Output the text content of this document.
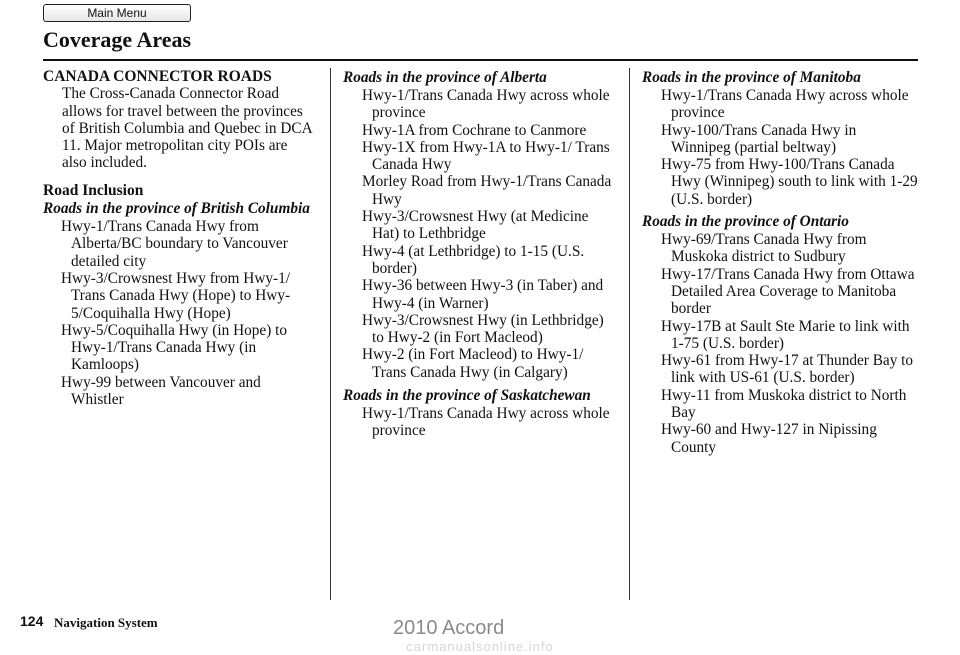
Main Menu
Coverage Areas
CANADA CONNECTOR ROADS
The Cross-Canada Connector Road allows for travel between the provinces of British Columbia and Quebec in DCA 11. Major metropolitan city POIs are also included.
Road Inclusion
Roads in the province of British Columbia
Hwy-1/Trans Canada Hwy from Alberta/BC boundary to Vancouver detailed city
Hwy-3/Crowsnest Hwy from Hwy-1/ Trans Canada Hwy (Hope) to Hwy-5/Coquihalla Hwy (Hope)
Hwy-5/Coquihalla Hwy (in Hope) to Hwy-1/Trans Canada Hwy (in Kamloops)
Hwy-99 between Vancouver and Whistler
Roads in the province of Alberta
Hwy-1/Trans Canada Hwy across whole province
Hwy-1A from Cochrane to Canmore
Hwy-1X from Hwy-1A to Hwy-1/ Trans Canada Hwy
Morley Road from Hwy-1/Trans Canada Hwy
Hwy-3/Crowsnest Hwy (at Medicine Hat) to Lethbridge
Hwy-4 (at Lethbridge) to 1-15 (U.S. border)
Hwy-36 between Hwy-3 (in Taber) and Hwy-4 (in Warner)
Hwy-3/Crowsnest Hwy (in Lethbridge) to Hwy-2 (in Fort Macleod)
Hwy-2 (in Fort Macleod) to Hwy-1/ Trans Canada Hwy (in Calgary)
Roads in the province of Saskatchewan
Hwy-1/Trans Canada Hwy across whole province
Roads in the province of Manitoba
Hwy-1/Trans Canada Hwy across whole province
Hwy-100/Trans Canada Hwy in Winnipeg (partial beltway)
Hwy-75 from Hwy-100/Trans Canada Hwy (Winnipeg) south to link with 1-29 (U.S. border)
Roads in the province of Ontario
Hwy-69/Trans Canada Hwy from Muskoka district to Sudbury
Hwy-17/Trans Canada Hwy from Ottawa Detailed Area Coverage to Manitoba border
Hwy-17B at Sault Ste Marie to link with 1-75 (U.S. border)
Hwy-61 from Hwy-17 at Thunder Bay to link with US-61 (U.S. border)
Hwy-11 from Muskoka district to North Bay
Hwy-60 and Hwy-127 in Nipissing County
124 Navigation System	2010 Accord
carmanualsonline.info
